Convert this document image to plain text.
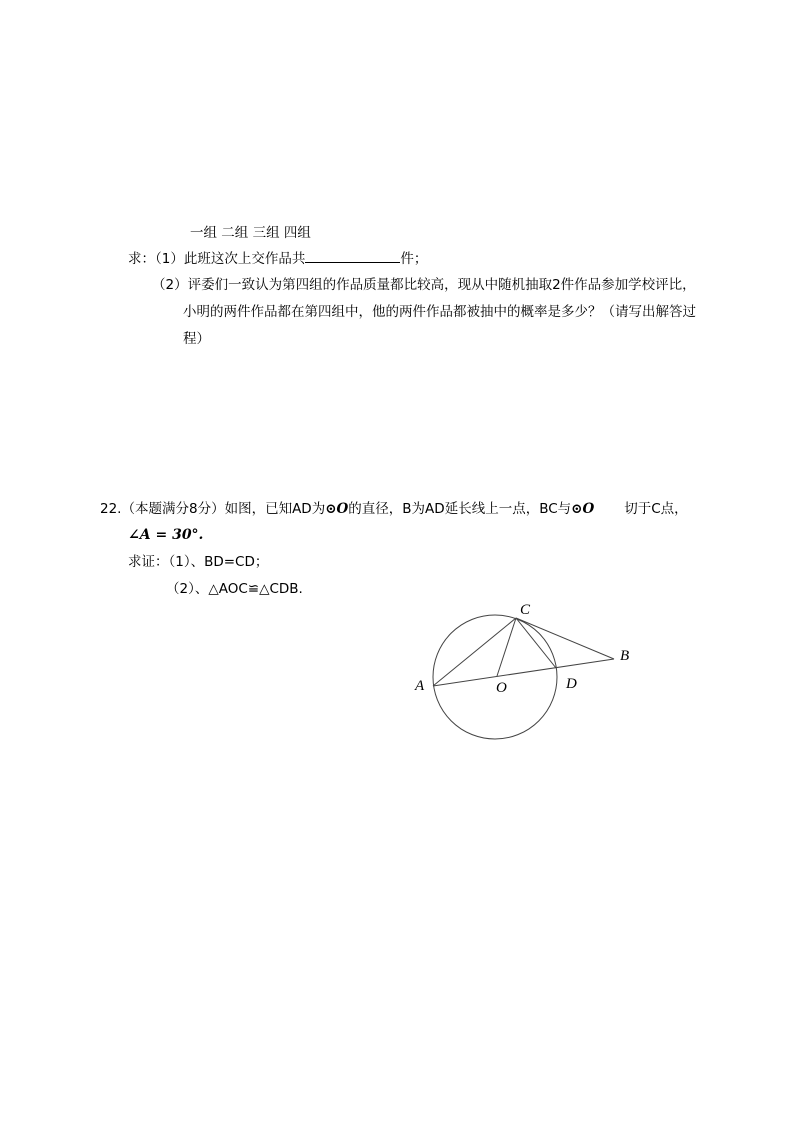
一组 二组 三组 四组
求：（1）此班这次上交作品共	件；
（2）评委们一致认为第四组的作品质量都比较高，现从中随机抽取2件作品参加学校评比，
小明的两件作品都在第四组中，他的两件作品都被抽中的概率是多少？（请写出解答过
程）
22.（本题满分8分）如图，已知AD为⊙O的直径，B为AD延长线上一点，BC与⊙O 切于C点，
∠A = 30°.
求证：（1）、BD=CD；
（2）、△AOC≌△CDB.
C
B
A	O	D
